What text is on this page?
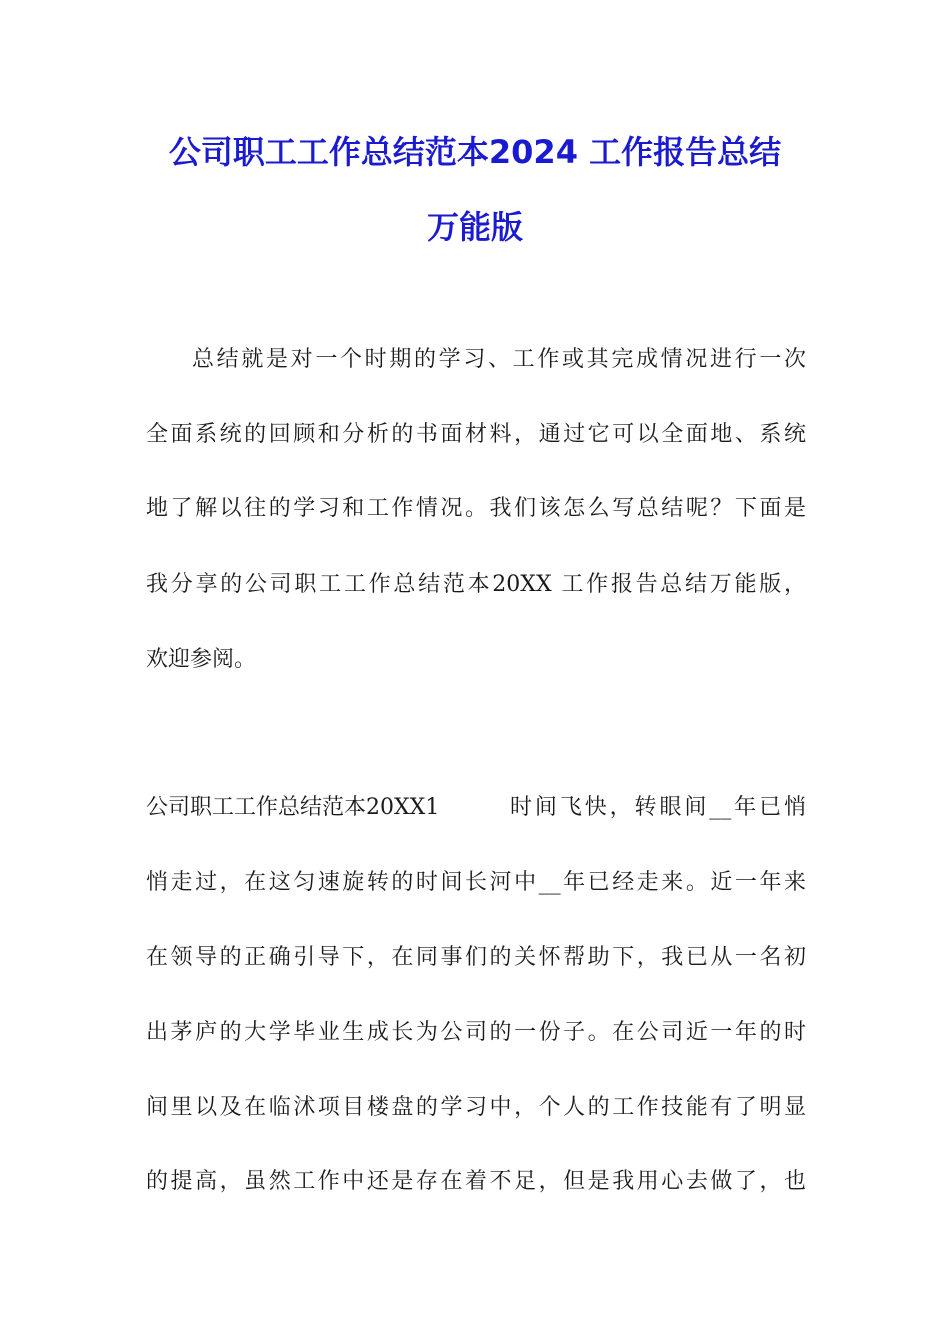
公司职工工作总结范本2024 工作报告总结
万能版
总结就是对一个时期的学习、工作或其完成情况进行一次
全面系统的回顾和分析的书面材料，通过它可以全面地、系统
地了解以往的学习和工作情况。我们该怎么写总结呢？下面是
我分享的公司职工工作总结范本20XX 工作报告总结万能版，
欢迎参阅。
公司职工工作总结范本20XX1	时间飞快，转眼间__年已悄
悄走过，在这匀速旋转的时间长河中__年已经走来。近一年来
在领导的正确引导下，在同事们的关怀帮助下，我已从一名初
出茅庐的大学毕业生成长为公司的一份子。在公司近一年的时
间里以及在临沭项目楼盘的学习中，个人的工作技能有了明显
的提高，虽然工作中还是存在着不足，但是我用心去做了，也
